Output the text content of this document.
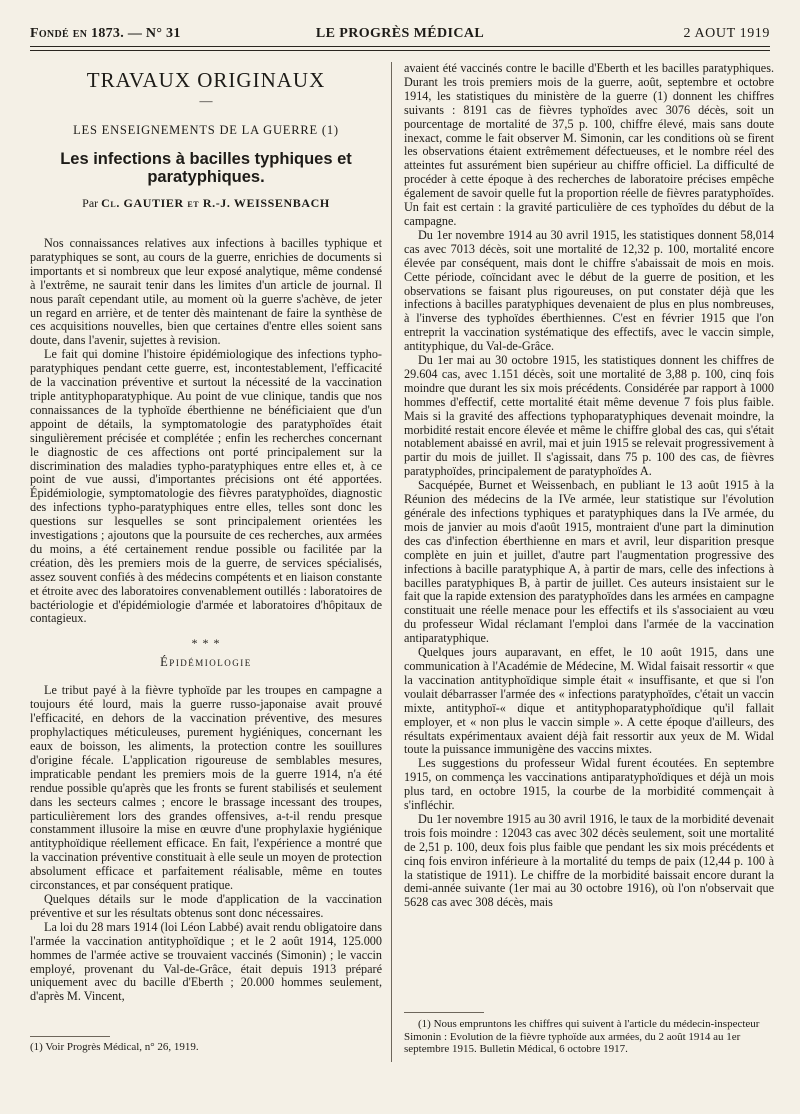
Fondé en 1873. — N° 31	LE PROGRÈS MÉDICAL	2 AOUT 1919
TRAVAUX ORIGINAUX
—
LES ENSEIGNEMENTS DE LA GUERRE (1)
Les infections à bacilles typhiques et paratyphiques.
Par Cl. GAUTIER et R.-J. WEISSENBACH

Nos connaissances relatives aux infections à bacilles typhique et paratyphiques se sont, au cours de la guerre, enrichies de documents si importants et si nombreux que leur exposé analytique, même condensé à l'extrême, ne saurait tenir dans les limites d'un article de journal. Il nous paraît cependant utile, au moment où la guerre s'achève, de jeter un regard en arrière, et de tenter dès maintenant de faire la synthèse de ces acquisitions nouvelles, bien que certaines d'entre elles soient sans doute, dans l'avenir, sujettes à revision.

Le fait qui domine l'histoire épidémiologique des infections typho-paratyphiques pendant cette guerre, est, incontestablement, l'efficacité de la vaccination préventive et surtout la nécessité de la vaccination triple antityphoparatyphique. Au point de vue clinique, tandis que nos connaissances de la typhoïde éberthienne ne bénéficiaient que d'un appoint de détails, la symptomatologie des paratyphoïdes était singulièrement précisée et complétée ; enfin les recherches concernant le diagnostic de ces affections ont porté principalement sur la discrimination des maladies typho-paratyphiques entre elles et, à ce point de vue aussi, d'importantes précisions ont été apportées. Épidémiologie, symptomatologie des fièvres paratyphoïdes, diagnostic des infections typho-paratyphiques entre elles, telles sont donc les questions sur lesquelles se sont principalement orientées les investigations ; ajoutons que la poursuite de ces recherches, aux armées du moins, a été certainement rendue possible ou facilitée par la création, dès les premiers mois de la guerre, de services spécialisés, assez souvent confiés à des médecins compétents et en liaison constante et étroite avec des laboratoires convenablement outillés : laboratoires de bactériologie et d'épidémiologie d'armée et laboratoires d'hôpitaux de contagieux.

* * *
Épidémiologie

Le tribut payé à la fièvre typhoïde par les troupes en campagne a toujours été lourd, mais la guerre russo-japonaise avait prouvé l'efficacité, en dehors de la vaccination préventive, des mesures prophylactiques méticuleuses, purement hygiéniques, concernant les eaux de boisson, les aliments, la protection contre les souillures d'origine fécale. L'application rigoureuse de semblables mesures, impraticable pendant les premiers mois de la guerre 1914, n'a été rendue possible qu'après que les fronts se furent stabilisés et seulement dans les secteurs calmes ; encore le brassage incessant des troupes, particulièrement lors des grandes offensives, a-t-il rendu presque constamment illusoire la mise en œuvre d'une prophylaxie hygiénique antityphoïdique réellement efficace. En fait, l'expérience a montré que la vaccination préventive constituait à elle seule un moyen de protection absolument efficace et parfaitement réalisable, même en toutes circonstances, et par conséquent pratique.

Quelques détails sur le mode d'application de la vaccination préventive et sur les résultats obtenus sont donc nécessaires.

La loi du 28 mars 1914 (loi Léon Labbé) avait rendu obligatoire dans l'armée la vaccination antityphoïdique ; et le 2 août 1914, 125.000 hommes de l'armée active se trouvaient vaccinés (Simonin) ; le vaccin employé, provenant du Val-de-Grâce, était depuis 1913 préparé uniquement avec du bacille d'Eberth ; 20.000 hommes seulement, d'après M. Vincent,

avaient été vaccinés contre le bacille d'Eberth et les bacilles paratyphiques. Durant les trois premiers mois de la guerre, août, septembre et octobre 1914, les statistiques du ministère de la guerre (1) donnent les chiffres suivants : 8191 cas de fièvres typhoïdes avec 3076 décès, soit un pourcentage de mortalité de 37,5 p. 100, chiffre élevé, mais sans doute inexact, comme le fait observer M. Simonin, car les conditions où se firent les observations étaient extrêmement défectueuses, et le nombre réel des atteintes fut assurément bien supérieur au chiffre officiel. La difficulté de procéder à cette époque à des recherches de laboratoire précises empêche également de savoir quelle fut la proportion réelle de fièvres paratyphoïdes. Un fait est certain : la gravité particulière de ces typhoïdes du début de la campagne.

Du 1er novembre 1914 au 30 avril 1915, les statistiques donnent 58,014 cas avec 7013 décès, soit une mortalité de 12,32 p. 100, mortalité encore élevée par conséquent, mais dont le chiffre s'abaissait de mois en mois. Cette période, coïncidant avec le début de la guerre de position, et les observations se faisant plus rigoureuses, on put constater déjà que les infections à bacilles paratyphiques devenaient de plus en plus nombreuses, à l'inverse des typhoïdes éberthiennes. C'est en février 1915 que l'on entreprit la vaccination systématique des effectifs, avec le vaccin simple, antityphique, du Val-de-Grâce.

Du 1er mai au 30 octobre 1915, les statistiques donnent les chiffres de 29.604 cas, avec 1.151 décès, soit une mortalité de 3,88 p. 100, cinq fois moindre que durant les six mois précédents. Considérée par rapport à 1000 hommes d'effectif, cette mortalité était même devenue 7 fois plus faible. Mais si la gravité des affections typhoparatyphiques devenait moindre, la morbidité restait encore élevée et même le chiffre global des cas, qui s'était notablement abaissé en avril, mai et juin 1915 se relevait progressivement à partir du mois de juillet. Il s'agissait, dans 75 p. 100 des cas, de fièvres paratyphoïdes, principalement de paratyphoïdes A.

Sacquépée, Burnet et Weissenbach, en publiant le 13 août 1915 à la Réunion des médecins de la IVe armée, leur statistique sur l'évolution générale des infections typhiques et paratyphiques dans la IVe armée, du mois de janvier au mois d'août 1915, montraient d'une part la diminution des cas d'infection éberthienne en mars et avril, leur disparition presque complète en juin et juillet, d'autre part l'augmentation progressive des infections à bacille paratyphique A, à partir de mars, celle des infections à bacilles paratyphiques B, à partir de juillet. Ces auteurs insistaient sur le fait que la rapide extension des paratyphoïdes dans les armées en campagne constituait une réelle menace pour les effectifs et ils s'associaient au vœu du professeur Widal réclamant l'emploi dans l'armée de la vaccination antiparatyphique.

Quelques jours auparavant, en effet, le 10 août 1915, dans une communication à l'Académie de Médecine, M. Widal faisait ressortir « que la vaccination antityphoïdique simple était « insuffisante, et que si l'on voulait débarrasser l'armée des « infections paratyphoïdes, c'était un vaccin mixte, antityphoï-« dique et antityphoparatyphoïdique qu'il fallait employer, et « non plus le vaccin simple ». A cette époque d'ailleurs, des résultats expérimentaux avaient déjà fait ressortir aux yeux de M. Widal toute la puissance immunigène des vaccins mixtes.

Les suggestions du professeur Widal furent écoutées. En septembre 1915, on commença les vaccinations antiparatyphoïdiques et déjà un mois plus tard, en octobre 1915, la courbe de la morbidité commençait à s'infléchir.

Du 1er novembre 1915 au 30 avril 1916, le taux de la morbidité devenait trois fois moindre : 12043 cas avec 302 décès seulement, soit une mortalité de 2,51 p. 100, deux fois plus faible que pendant les six mois précédents et cinq fois environ inférieure à la mortalité du temps de paix (12,44 p. 100 à la statistique de 1911). Le chiffre de la morbidité baissait encore durant la demi-année suivante (1er mai au 30 octobre 1916), où l'on n'observait que 5628 cas avec 308 décès, mais

(1) Voir Progrès Médical, n° 26, 1919.

(1) Nous empruntons les chiffres qui suivent à l'article du médecin-inspecteur Simonin : Evolution de la fièvre typhoïde aux armées, du 2 août 1914 au 1er septembre 1915. Bulletin Médical, 6 octobre 1917.
